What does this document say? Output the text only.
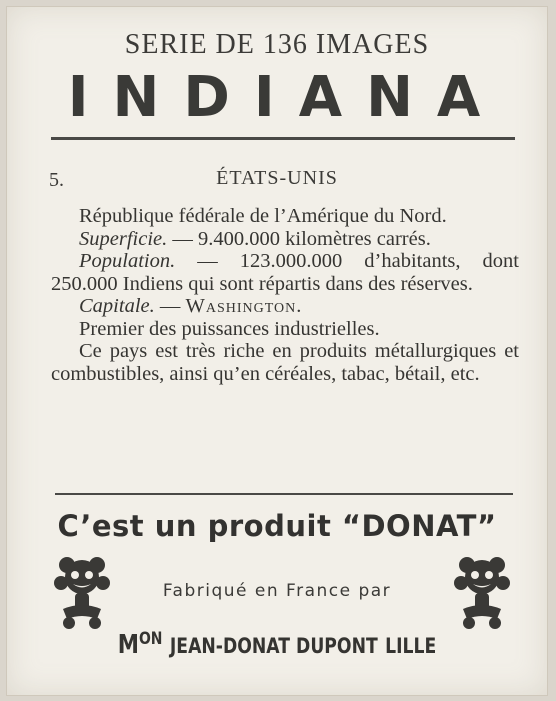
SERIE DE 136 IMAGES
INDIANA
5.	ÉTATS-UNIS

République fédérale de l’Amérique du Nord.

Superficie. — 9.400.000 kilomètres carrés.

Population. — 123.000.000 d’habitants, dont 250.000 Indiens qui sont répartis dans des réserves.

Capitale. — Washington.

Premier des puissances industrielles.

Ce pays est très riche en produits métallurgiques et combustibles, ainsi qu’en céréales, tabac, bétail, etc.

C’est un produit “DONAT”
Fabriqué en France par
$M^{ON}$ JEAN-DONAT DUPONT LILLE
